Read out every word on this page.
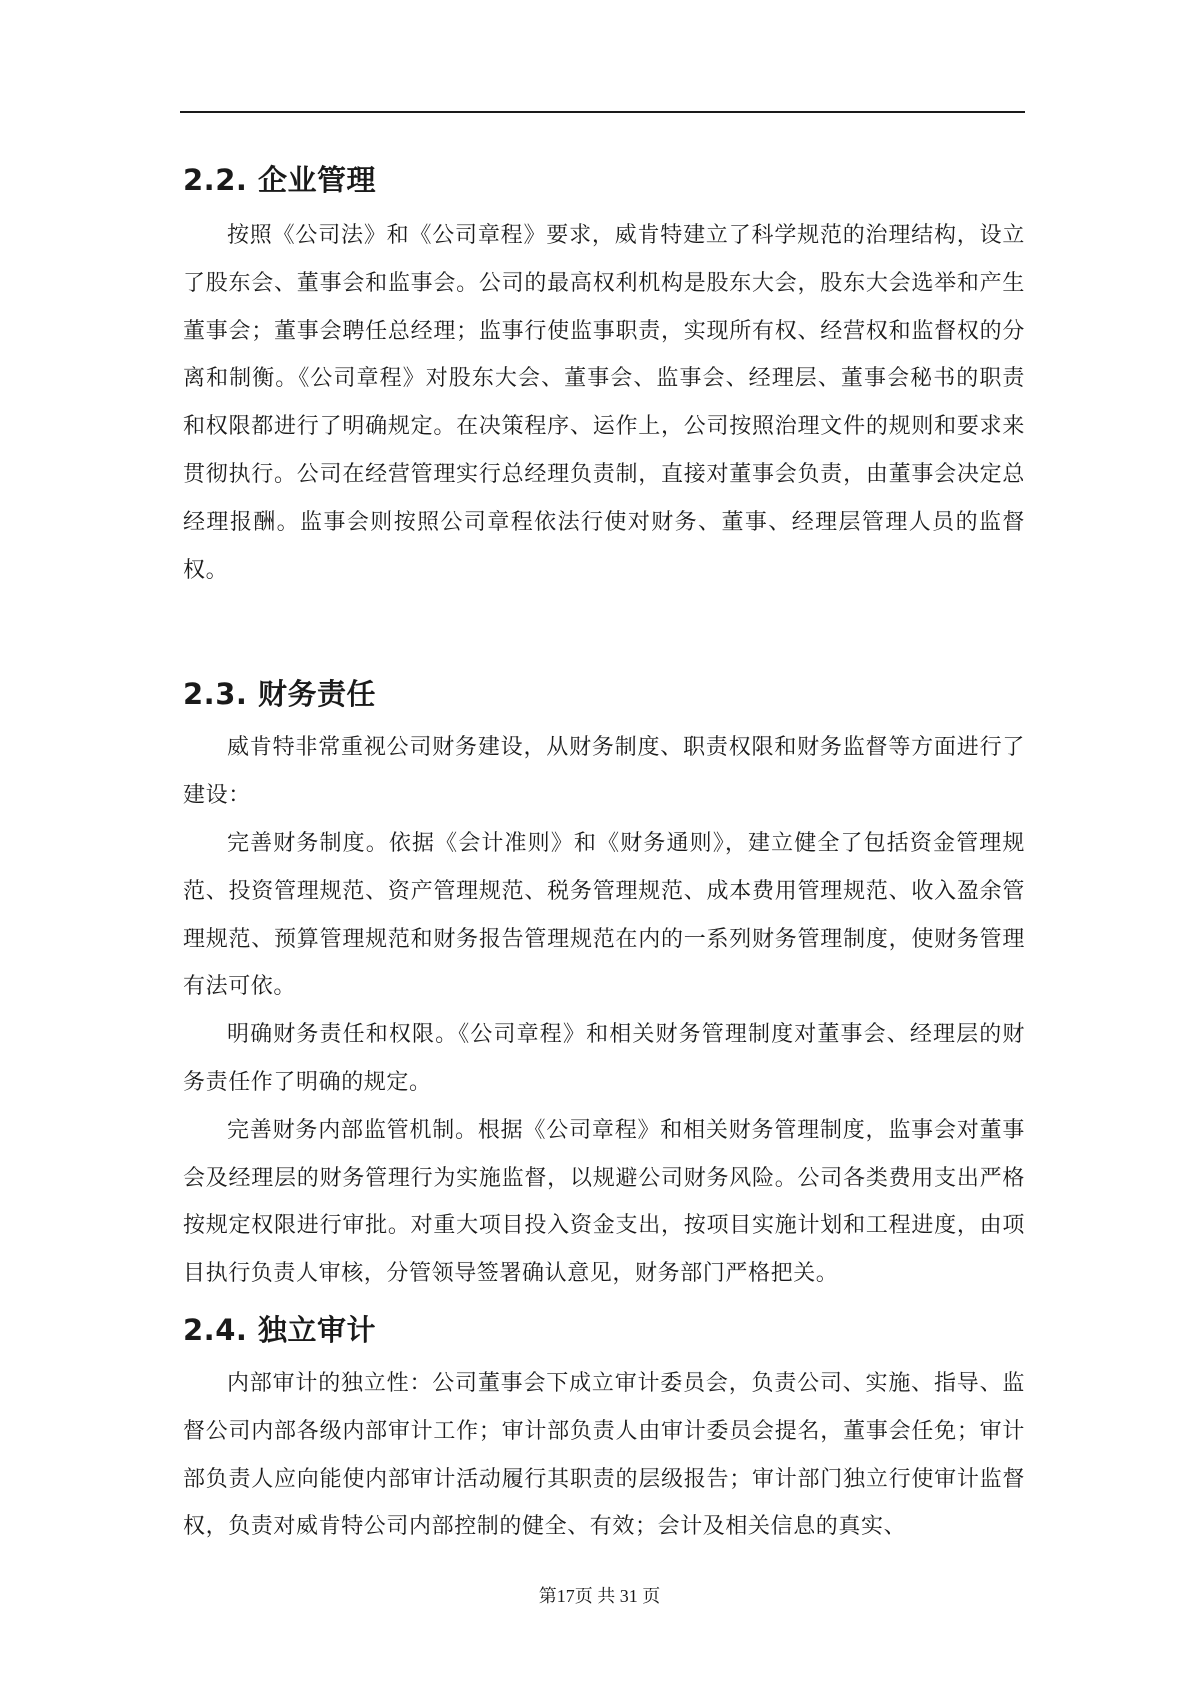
2.2. 企业管理

按照《公司法》和《公司章程》要求，威肯特建立了科学规范的治理结构，设立了股东会、董事会和监事会。公司的最高权利机构是股东大会，股东大会选举和产生董事会；董事会聘任总经理；监事行使监事职责，实现所有权、经营权和监督权的分离和制衡。《公司章程》对股东大会、董事会、监事会、经理层、董事会秘书的职责和权限都进行了明确规定。在决策程序、运作上，公司按照治理文件的规则和要求来贯彻执行。公司在经营管理实行总经理负责制，直接对董事会负责，由董事会决定总经理报酬。监事会则按照公司章程依法行使对财务、董事、经理层管理人员的监督权。

2.3. 财务责任

威肯特非常重视公司财务建设，从财务制度、职责权限和财务监督等方面进行了建设：

完善财务制度。依据《会计准则》和《财务通则》，建立健全了包括资金管理规范、投资管理规范、资产管理规范、税务管理规范、成本费用管理规范、收入盈余管理规范、预算管理规范和财务报告管理规范在内的一系列财务管理制度，使财务管理有法可依。

明确财务责任和权限。《公司章程》和相关财务管理制度对董事会、经理层的财务责任作了明确的规定。

完善财务内部监管机制。根据《公司章程》和相关财务管理制度，监事会对董事会及经理层的财务管理行为实施监督，以规避公司财务风险。公司各类费用支出严格按规定权限进行审批。对重大项目投入资金支出，按项目实施计划和工程进度，由项目执行负责人审核，分管领导签署确认意见，财务部门严格把关。

2.4. 独立审计

内部审计的独立性：公司董事会下成立审计委员会，负责公司、实施、指导、监督公司内部各级内部审计工作；审计部负责人由审计委员会提名，董事会任免；审计部负责人应向能使内部审计活动履行其职责的层级报告；审计部门独立行使审计监督权，负责对威肯特公司内部控制的健全、有效；会计及相关信息的真实、

第17页 共 31 页
